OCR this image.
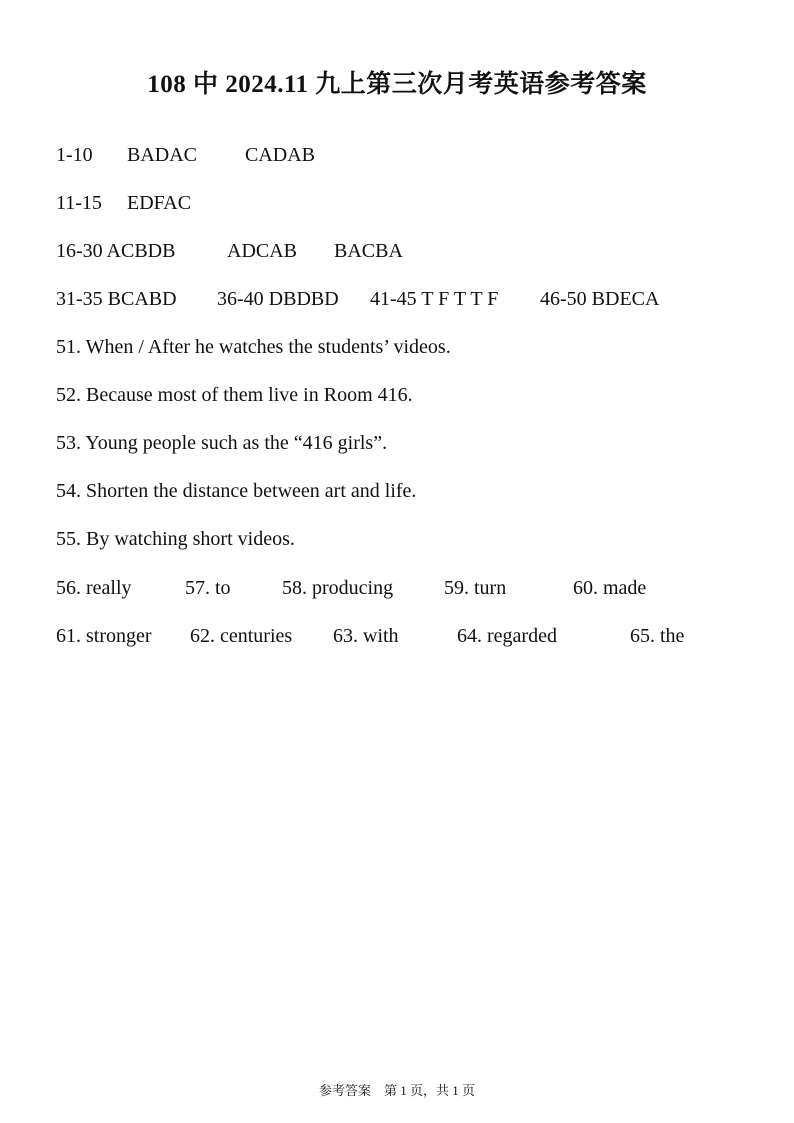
108 中 2024.11 九上第三次月考英语参考答案
1-10 BADAC CADAB
11-15 EDFAC
16-30 ACBDB	ADCAB BACBA
31-35 BCABD 36-40 DBDBD 41-45 T F T T F 46-50 BDECA
51. When / After he watches the students’ videos.
52. Because most of them live in Room 416.
53. Young people such as the “416 girls”.
54. Shorten the distance between art and life.
55. By watching short videos.
56. really	57. to	58. producing	59. turn	60. made
61. stronger 62. centuries 63. with	64. regarded	65. the
参考答案　第 1 页，共 1 页
